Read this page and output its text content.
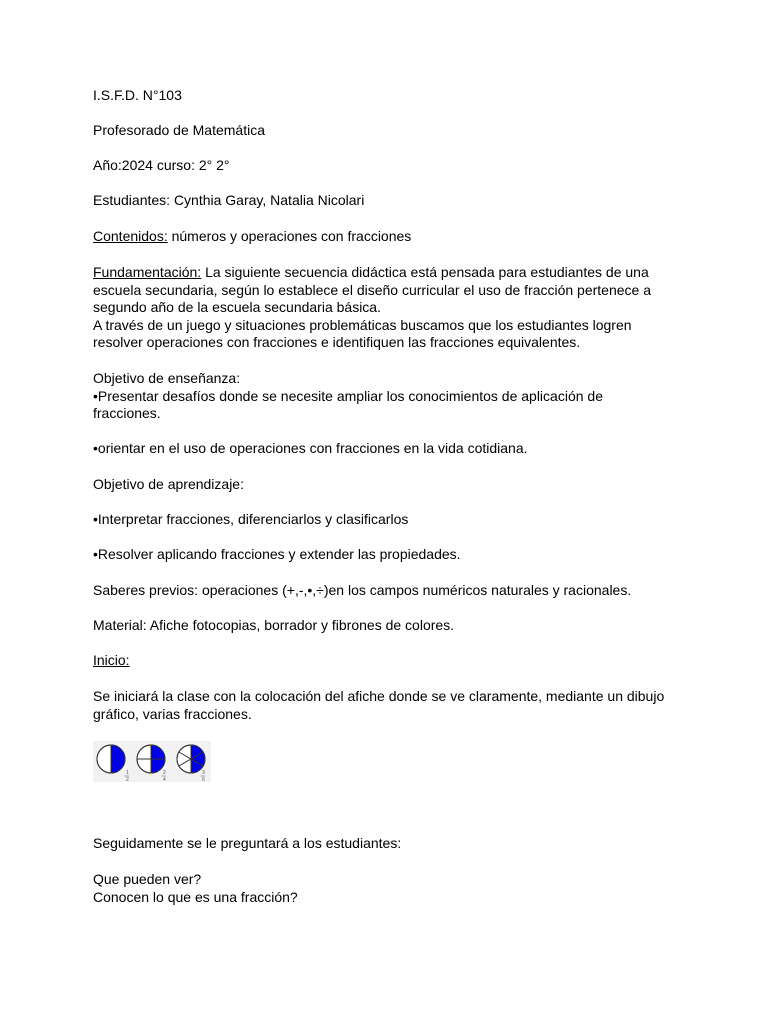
I.S.F.D. N°103
Profesorado de Matemática
Año:2024 curso: 2° 2°
Estudiantes: Cynthia Garay, Natalia Nicolari
Contenidos: números y operaciones con fracciones
Fundamentación: La siguiente secuencia didáctica está pensada para estudiantes de una
escuela secundaria, según lo establece el diseño curricular el uso de fracción pertenece a
segundo año de la escuela secundaria básica.
A través de un juego y situaciones problemáticas buscamos que los estudiantes logren
resolver operaciones con fracciones e identifiquen las fracciones equivalentes.
Objetivo de enseñanza:
•Presentar desafíos donde se necesite ampliar los conocimientos de aplicación de
fracciones.
•orientar en el uso de operaciones con fracciones en la vida cotidiana.
Objetivo de aprendizaje:
•Interpretar fracciones, diferenciarlos y clasificarlos
•Resolver aplicando fracciones y extender las propiedades.
Saberes previos: operaciones (+,-,•,÷)en los campos numéricos naturales y racionales.
Material: Afiche fotocopias, borrador y fibrones de colores.
Inicio:
Se iniciará la clase con la colocación del afiche donde se ve claramente, mediante un dibujo
gráfico, varias fracciones.
1
2
2
4
3
6
Seguidamente se le preguntará a los estudiantes:
Que pueden ver?
Conocen lo que es una fracción?
